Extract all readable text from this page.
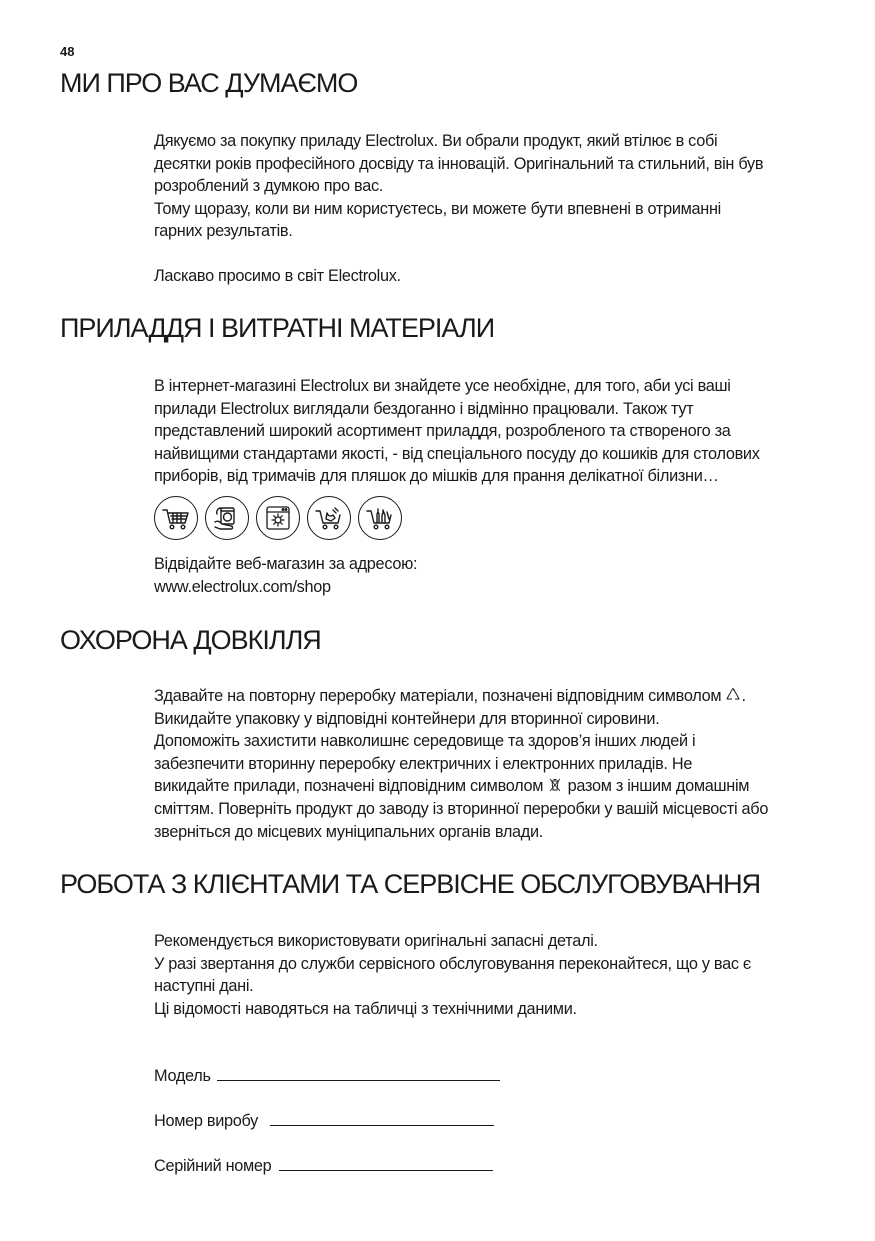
48
МИ ПРО ВАС ДУМАЄМО

Дякуємо за покупку приладу Electrolux. Ви обрали продукт, який втілює в собі
десятки років професійного досвіду та інновацій. Оригінальний та стильний, він був
розроблений з думкою про вас.
Тому щоразу, коли ви ним користуєтесь, ви можете бути впевнені в отриманні
гарних результатів.

Ласкаво просимо в світ Electrolux.

ПРИЛАДДЯ І ВИТРАТНІ МАТЕРІАЛИ

В інтернет-магазині Electrolux ви знайдете усе необхідне, для того, аби усі ваші
прилади Electrolux виглядали бездоганно і відмінно працювали. Також тут
представлений широкий асортимент приладдя, розробленого та створеного за
найвищими стандартами якості, - від спеціального посуду до кошиків для столових
приборів, від тримачів для пляшок до мішків для прання делікатної білизни…

Відвідайте веб-магазин за адресою:
www.electrolux.com/shop

ОХОРОНА ДОВКІЛЛЯ

Здавайте на повторну переробку матеріали, позначені відповідним символом .
Викидайте упаковку у відповідні контейнери для вторинної сировини.
Допоможіть захистити навколишнє середовище та здоров’я інших людей і
забезпечити вторинну переробку електричних і електронних приладів. Не
викидайте прилади, позначені відповідним символом разом з іншим домашнім
сміттям. Поверніть продукт до заводу із вторинної переробки у вашій місцевості або
зверніться до місцевих муніципальних органів влади.

РОБОТА З КЛІЄНТАМИ ТА СЕРВІСНЕ ОБСЛУГОВУВАННЯ

Рекомендується використовувати оригінальні запасні деталі.
У разі звертання до служби сервісного обслуговування переконайтеся, що у вас є
наступні дані.
Ці відомості наводяться на табличці з технічними даними.

Модель
Номер виробу
Серійний номер
